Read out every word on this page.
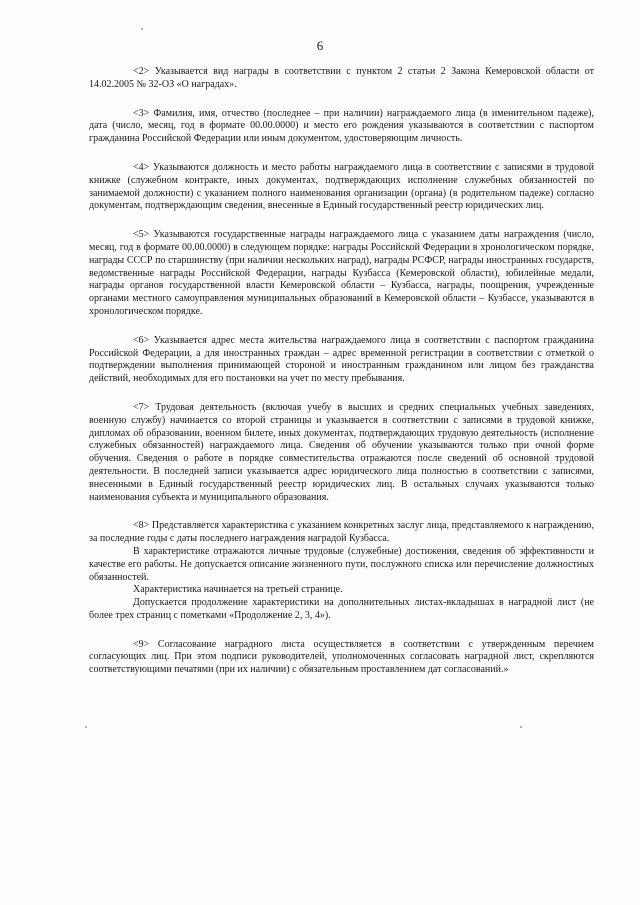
6

<2> Указывается вид награды в соответствии с пунктом 2 статьи 2 Закона Кемеровской области от 14.02.2005 № 32-ОЗ «О наградах».

<3> Фамилия, имя, отчество (последнее – при наличии) награждаемого лица (в именительном падеже), дата (число, месяц, год в формате 00.00.0000) и место его рождения указываются в соответствии с паспортом гражданина Российской Федерации или иным документом, удостоверяющим личность.

<4> Указываются должность и место работы награждаемого лица в соответствии с записями в трудовой книжке (служебном контракте, иных документах, подтверждающих исполнение служебных обязанностей по занимаемой должности) с указанием полного наименования организации (органа) (в родительном падеже) согласно документам, подтверждающим сведения, внесенные в Единый государственный реестр юридических лиц.

<5> Указываются государственные награды награждаемого лица с указанием даты награждения (число, месяц, год в формате 00.00.0000) в следующем порядке: награды Российской Федерации в хронологическом порядке, награды СССР по старшинству (при наличии нескольких наград), награды РСФСР, награды иностранных государств, ведомственные награды Российской Федерации, награды Кузбасса (Кемеровской области), юбилейные медали, награды органов государственной власти Кемеровской области – Кузбасса, награды, поощрения, учрежденные органами местного самоуправления муниципальных образований в Кемеровской области – Кузбассе, указываются в хронологическом порядке.

<6> Указывается адрес места жительства награждаемого лица в соответствии с паспортом гражданина Российской Федерации, а для иностранных граждан – адрес временной регистрации в соответствии с отметкой о подтверждении выполнения принимающей стороной и иностранным гражданином или лицом без гражданства действий, необходимых для его постановки на учет по месту пребывания.

<7> Трудовая деятельность (включая учебу в высших и средних специальных учебных заведениях, военную службу) начинается со второй страницы и указывается в соответствии с записями в трудовой книжке, дипломах об образовании, военном билете, иных документах, подтверждающих трудовую деятельность (исполнение служебных обязанностей) награждаемого лица. Сведения об обучении указываются только при очной форме обучения. Сведения о работе в порядке совместительства отражаются после сведений об основной трудовой деятельности. В последней записи указывается адрес юридического лица полностью в соответствии с записями, внесенными в Единый государственный реестр юридических лиц. В остальных случаях указываются только наименования субъекта и муниципального образования.

<8> Представляется характеристика с указанием конкретных заслуг лица, представляемого к награждению, за последние годы с даты последнего награждения наградой Кузбасса.

В характеристике отражаются личные трудовые (служебные) достижения, сведения об эффективности и качестве его работы. Не допускается описание жизненного пути, послужного списка или перечисление должностных обязанностей.

Характеристика начинается на третьей странице.

Допускается продолжение характеристики на дополнительных листах-вкладышах в наградной лист (не более трех страниц с пометками «Продолжение 2, 3, 4»).

<9> Согласование наградного листа осуществляется в соответствии с утвержденным перечнем согласующих лиц. При этом подписи руководителей, уполномоченных согласовать наградной лист, скрепляются соответствующими печатями (при их наличии) с обязательным проставлением дат согласований.»
